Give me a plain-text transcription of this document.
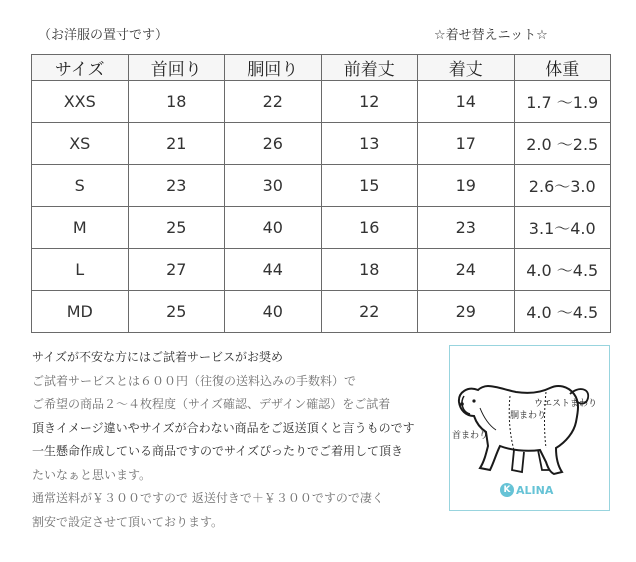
（お洋服の置寸です）	☆着せ替えニット☆
サイズ	首回り	胴回り	前着丈	着丈	体重
XXS	18	22	12	14	1.7 〜1.9
XS	21	26	13	17	2.0 〜2.5
S	23	30	15	19	2.6〜3.0
M	25	40	16	23	3.1〜4.0
L	27	44	18	24	4.0 〜4.5
MD	25	40	22	29	4.0 〜4.5
サイズが不安な方にはご試着サービスがお奨め
ご試着サービスとは６００円（往復の送料込みの手数料）で
ご希望の商品２～４枚程度（サイズ確認、デザイン確認）をご試着
頂きイメージ違いやサイズが合わない商品をご返送頂くと言うものです
一生懸命作成している商品ですのでサイズぴったりでご着用して頂き
たいなぁと思います。
通常送料が￥３００ですので 返送付きで＋￥３００ですので凄く
割安で設定させて頂いております。
ウエストまわり
胴まわり
首まわり
K ALINA
